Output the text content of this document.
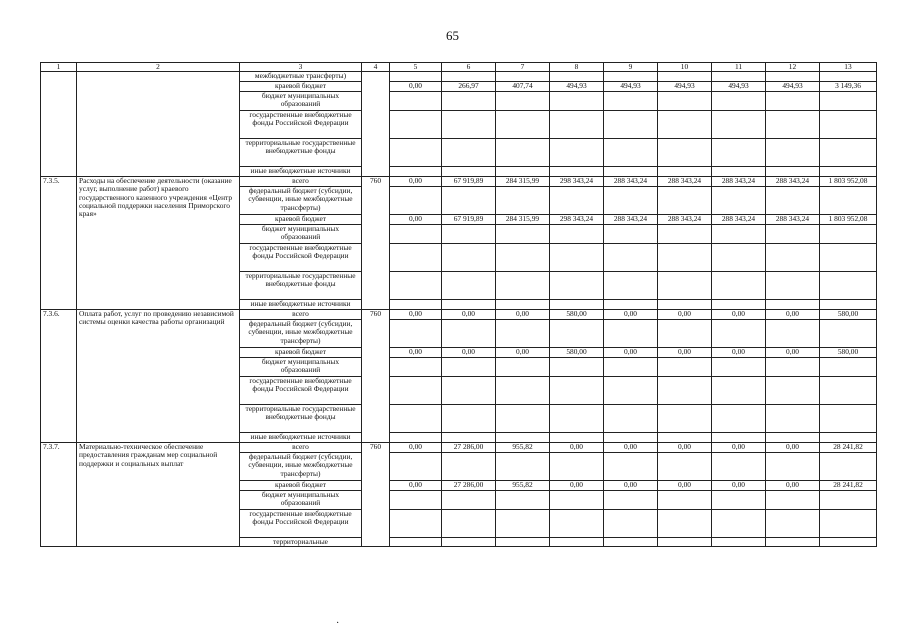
65
1	2	3	4	5	6	7	8	9	10	11	12	13
		межбюджетные трансферты)										
		краевой бюджет		0,00	266,97	407,74	494,93	494,93	494,93	494,93	494,93	3 149,36
		бюджет муниципальных образований										
		государственные внебюджетные фонды Российской Федерации										
		территориальные государственные внебюджетные фонды										
		иные внебюджетные источники										
7.3.5.	Расходы на обеспечение деятельности (оказание услуг, выполнение работ) краевого государственного казенного учреждения «Центр социальной поддержки населения Приморского края»	всего	760	0,00	67 919,89	284 315,99	298 343,24	288 343,24	288 343,24	288 343,24	288 343,24	1 803 952,08
		федеральный бюджет (субсидии, субвенции, иные межбюджетные трансферты)										
		краевой бюджет		0,00	67 919,89	284 315,99	298 343,24	288 343,24	288 343,24	288 343,24	288 343,24	1 803 952,08
		бюджет муниципальных образований										
		государственные внебюджетные фонды Российской Федерации										
		территориальные государственные внебюджетные фонды										
		иные внебюджетные источники										
7.3.6.	Оплата работ, услуг по проведению независимой системы оценки качества работы организаций	всего	760	0,00	0,00	0,00	580,00	0,00	0,00	0,00	0,00	580,00
		федеральный бюджет (субсидии, субвенции, иные межбюджетные трансферты)										
		краевой бюджет		0,00	0,00	0,00	580,00	0,00	0,00	0,00	0,00	580,00
		бюджет муниципальных образований										
		государственные внебюджетные фонды Российской Федерации										
		территориальные государственные внебюджетные фонды										
		иные внебюджетные источники										
7.3.7.	Материально-техническое обеспечение предоставления гражданам мер социальной поддержки и социальных выплат	всего	760	0,00	27 286,00	955,82	0,00	0,00	0,00	0,00	0,00	28 241,82
		федеральный бюджет (субсидии, субвенции, иные межбюджетные трансферты)										
		краевой бюджет		0,00	27 286,00	955,82	0,00	0,00	0,00	0,00	0,00	28 241,82
		бюджет муниципальных образований										
		государственные внебюджетные фонды Российской Федерации										
		территориальные										
·
